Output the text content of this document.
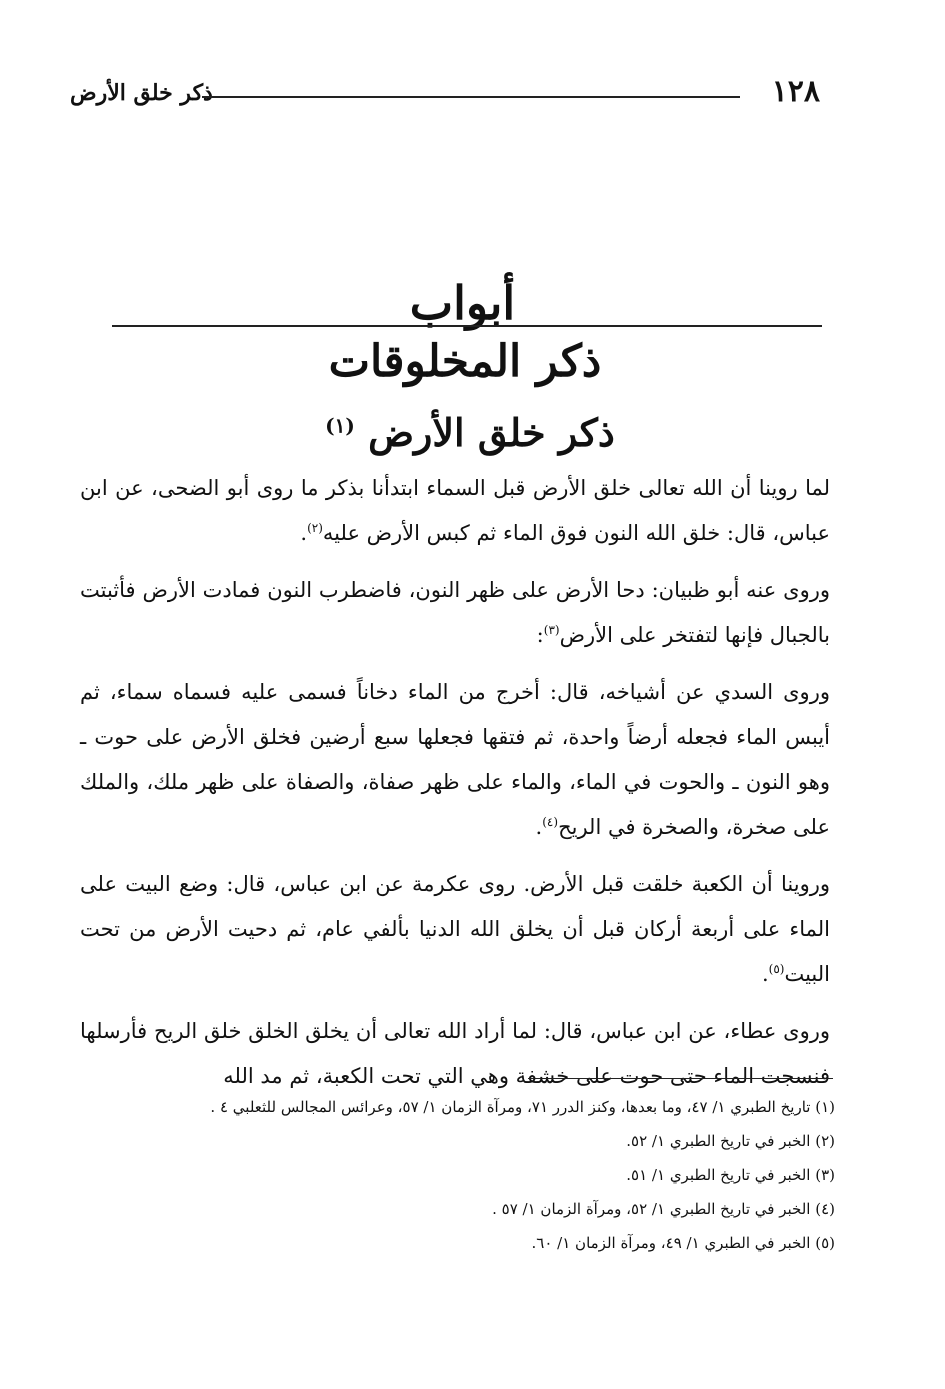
ذكر خلق الأرض	١٢٨
أبواب
ذكر المخلوقات
ذكر خلق الأرض $^{(١)}$

لما روينا أن الله تعالى خلق الأرض قبل السماء ابتدأنا بذكر ما روى أبو الضحى، عن ابن عباس، قال: خلق الله النون فوق الماء ثم كبس الأرض عليه$^{(٢)}$.

وروى عنه أبو ظبيان: دحا الأرض على ظهر النون، فاضطرب النون فمادت الأرض فأثبتت بالجبال فإنها لتفتخر على الأرض$^{(٣)}$:

وروى السدي عن أشياخه، قال: أخرج من الماء دخاناً فسمى عليه فسماه سماء، ثم أيبس الماء فجعله أرضاً واحدة، ثم فتقها فجعلها سبع أرضين فخلق الأرض على حوت ـ وهو النون ـ والحوت في الماء، والماء على ظهر صفاة، والصفاة على ظهر ملك، والملك على صخرة، والصخرة في الريح$^{(٤)}$.

وروينا أن الكعبة خلقت قبل الأرض. روى عكرمة عن ابن عباس، قال: وضع البيت على الماء على أربعة أركان قبل أن يخلق الله الدنيا بألفي عام، ثم دحيت الأرض من تحت البيت$^{(٥)}$.

وروى عطاء، عن ابن عباس، قال: لما أراد الله تعالى أن يخلق الخلق خلق الريح فأرسلها فنسجت الماء حتى حوت على خشفة وهي التي تحت الكعبة، ثم مد الله

(١) تاريخ الطبري ١/ ٤٧، وما بعدها، وكنز الدرر ٧١، ومرآة الزمان ١/ ٥٧، وعرائس المجالس للثعلبي ٤ .

(٢) الخبر في تاريخ الطبري ١/ ٥٢.

(٣) الخبر في تاريخ الطبري ١/ ٥١.

(٤) الخبر في تاريخ الطبري ١/ ٥٢، ومرآة الزمان ١/ ٥٧ .

(٥) الخبر في الطبري ١/ ٤٩، ومرآة الزمان ١/ ٦٠.
